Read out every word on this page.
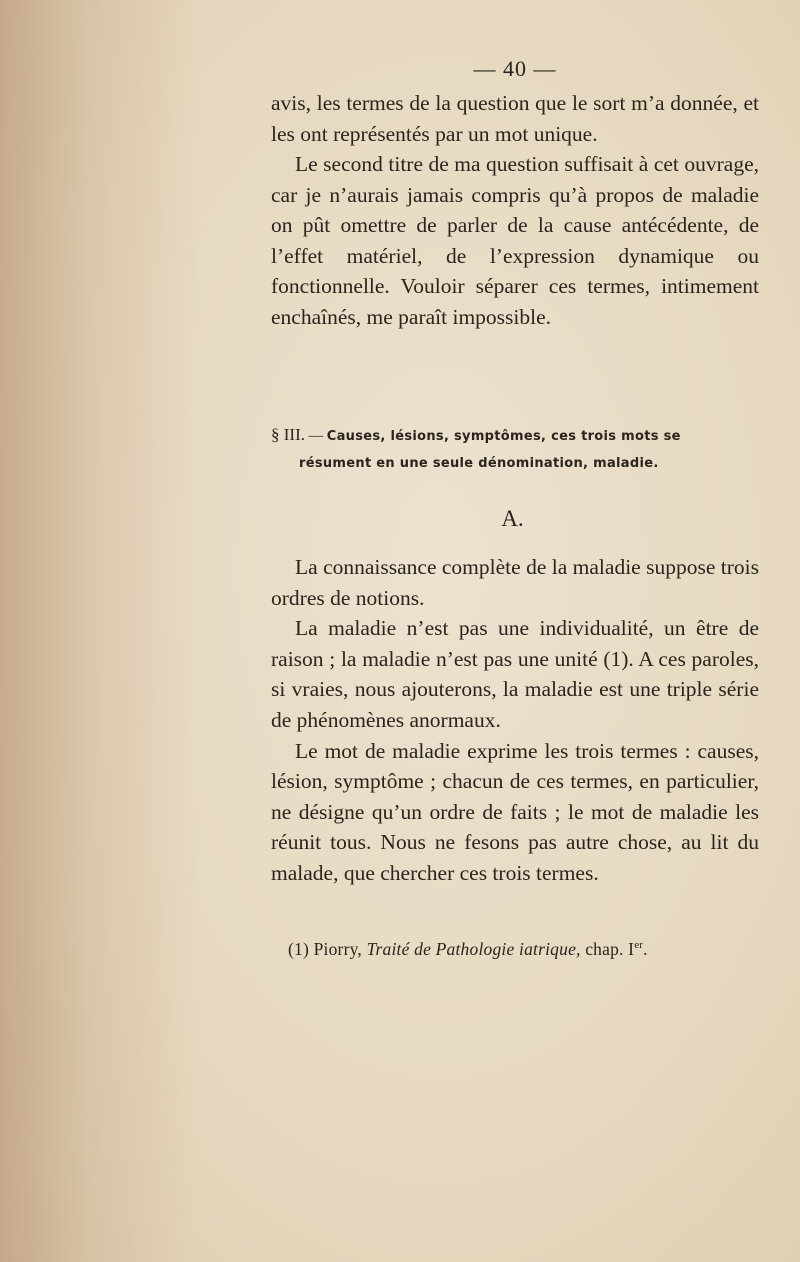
— 40 —

avis, les termes de la question que le sort m’a donnée, et les ont représentés par un mot unique.

Le second titre de ma question suffisait à cet ouvrage, car je n’aurais jamais compris qu’à propos de maladie on pût omettre de parler de la cause antécédente, de l’effet matériel, de l’expression dynamique ou fonctionnelle. Vouloir séparer ces termes, intimement enchaînés, me paraît impossible.

§ III. — Causes, lésions, symptômes, ces trois mots se
résument en une seule dénomination, maladie.
A.

La connaissance complète de la maladie suppose trois ordres de notions.

La maladie n’est pas une individualité, un être de raison ; la maladie n’est pas une unité (1). A ces paroles, si vraies, nous ajouterons, la maladie est une triple série de phénomènes anormaux.

Le mot de maladie exprime les trois termes : causes, lésion, symptôme ; chacun de ces termes, en particulier, ne désigne qu’un ordre de faits ; le mot de maladie les réunit tous. Nous ne fesons pas autre chose, au lit du malade, que chercher ces trois termes.

(1) Piorry, Traité de Pathologie iatrique, chap. Ier.
